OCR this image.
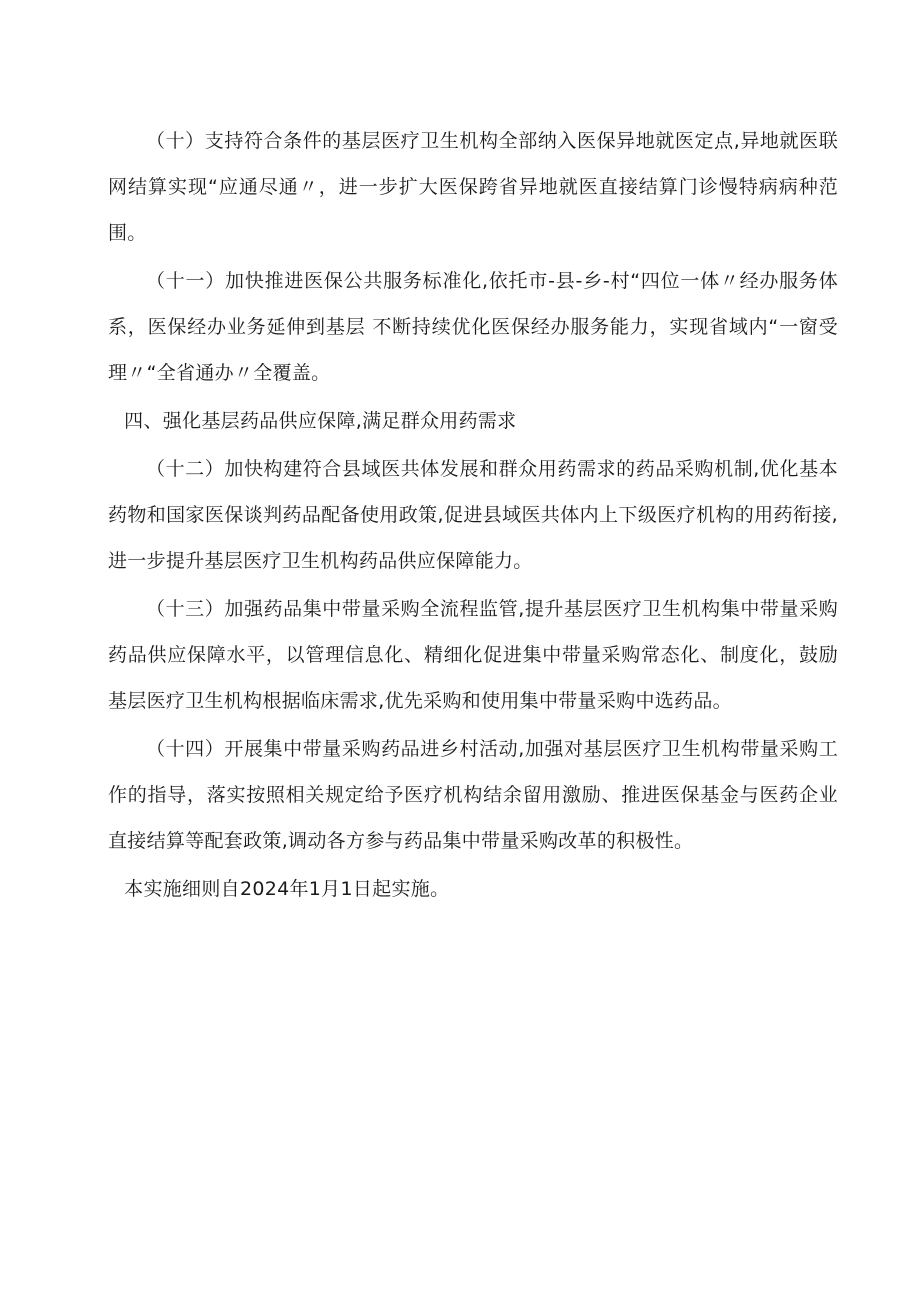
（十）支持符合条件的基层医疗卫生机构全部纳入医保异地就医定点,异地就医联网结算实现“应通尽通〃，进一步扩大医保跨省异地就医直接结算门诊慢特病病种范围。

（十一）加快推进医保公共服务标准化,依托市-县-乡-村“四位一体〃经办服务体系，医保经办业务延伸到基层 不断持续优化医保经办服务能力，实现省域内“一窗受理〃“全省通办〃全覆盖。

四、强化基层药品供应保障,满足群众用药需求

（十二）加快构建符合县域医共体发展和群众用药需求的药品采购机制,优化基本药物和国家医保谈判药品配备使用政策,促进县域医共体内上下级医疗机构的用药衔接,进一步提升基层医疗卫生机构药品供应保障能力。

（十三）加强药品集中带量采购全流程监管,提升基层医疗卫生机构集中带量采购药品供应保障水平，以管理信息化、精细化促进集中带量采购常态化、制度化，鼓励基层医疗卫生机构根据临床需求,优先采购和使用集中带量采购中选药品。

（十四）开展集中带量采购药品进乡村活动,加强对基层医疗卫生机构带量采购工作的指导，落实按照相关规定给予医疗机构结余留用激励、推进医保基金与医药企业直接结算等配套政策,调动各方参与药品集中带量采购改革的积极性。

本实施细则自2024年1月1日起实施。
